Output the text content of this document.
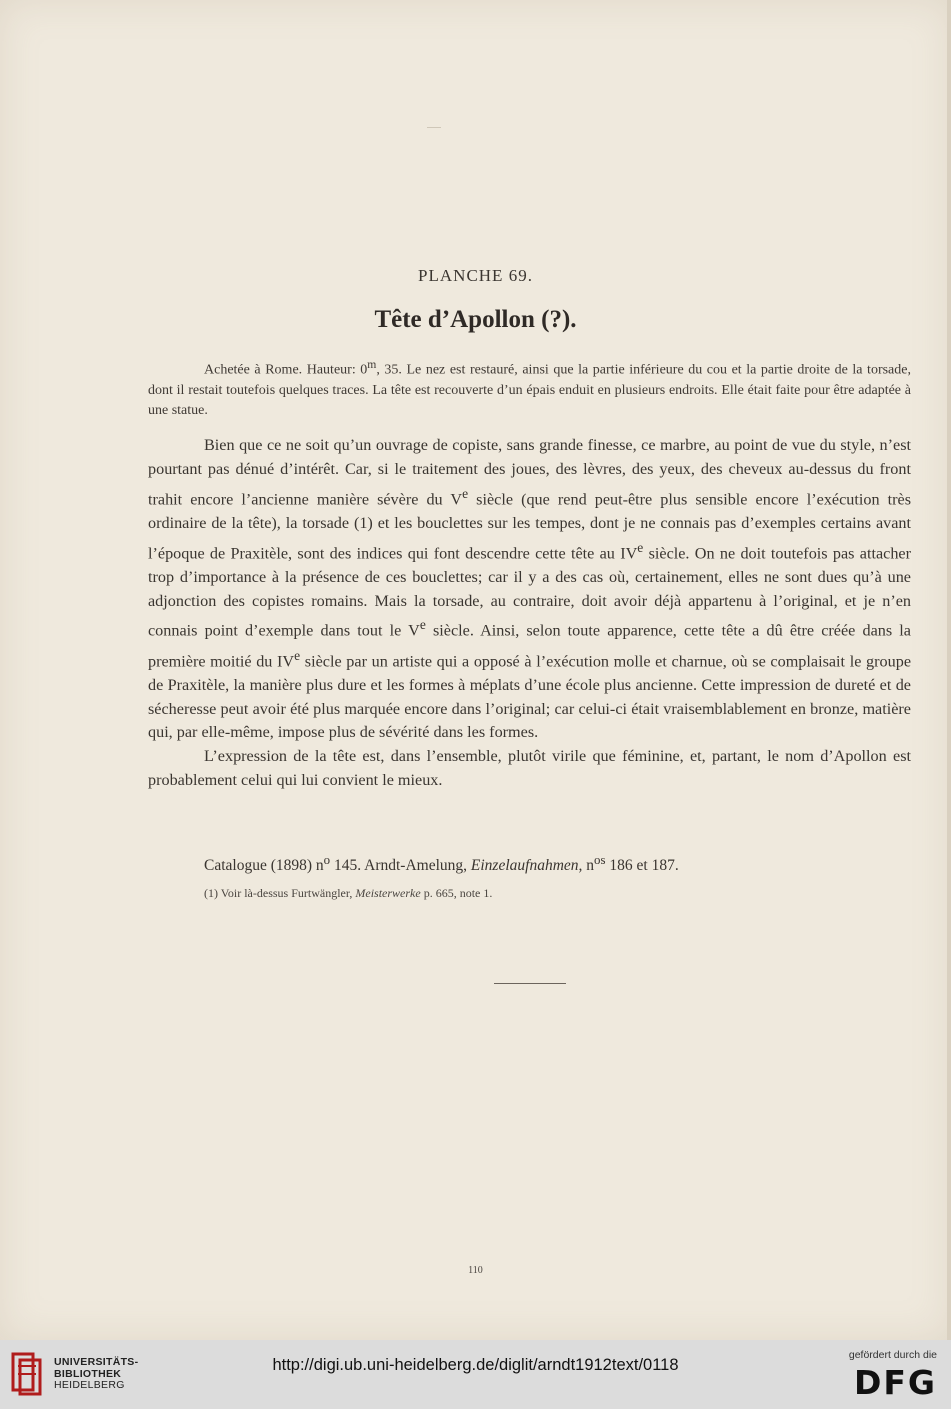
PLANCHE 69.
Tête d’Apollon (?).
Achetée à Rome. Hauteur: 0$^m$, 35. Le nez est restauré, ainsi que la partie inférieure du cou et la partie droite de la torsade, dont il restait toutefois quelques traces. La tête est recouverte d’un épais enduit en plusieurs endroits. Elle était faite pour être adaptée à une statue.

Bien que ce ne soit qu’un ouvrage de copiste, sans grande finesse, ce marbre, au point de vue du style, n’est pourtant pas dénué d’intérêt. Car, si le traitement des joues, des lèvres, des yeux, des cheveux au-dessus du front trahit encore l’ancienne manière sévère du Ve siècle (que rend peut-être plus sensible encore l’exécution très ordinaire de la tête), la torsade (1) et les bouclettes sur les tempes, dont je ne connais pas d’exemples certains avant l’époque de Praxitèle, sont des indices qui font descendre cette tête au IVe siècle. On ne doit toutefois pas attacher trop d’importance à la présence de ces bouclettes; car il y a des cas où, certainement, elles ne sont dues qu’à une adjonction des copistes romains. Mais la torsade, au contraire, doit avoir déjà appartenu à l’original, et je n’en connais point d’exemple dans tout le Ve siècle. Ainsi, selon toute apparence, cette tête a dû être créée dans la première moitié du IVe siècle par un artiste qui a opposé à l’exécution molle et charnue, où se complaisait le groupe de Praxitèle, la manière plus dure et les formes à méplats d’une école plus ancienne. Cette impression de dureté et de sécheresse peut avoir été plus marquée encore dans l’original; car celui-ci était vraisemblablement en bronze, matière qui, par elle-même, impose plus de sévérité dans les formes.

L’expression de la tête est, dans l’ensemble, plutôt virile que féminine, et, partant, le nom d’Apollon est probablement celui qui lui convient le mieux.

Catalogue (1898) $n^o$ 145. Arndt-Amelung, Einzelaufnahmen, $n^{os}$ 186 et 187.
(1) Voir là-dessus Furtwängler, Meisterwerke p. 665, note 1.
110
UNIVERSITÄTS-
BIBLIOTHEK
HEIDELBERG
http://digi.ub.uni-heidelberg.de/diglit/arndt1912text/0118
gefördert durch die
DFG
